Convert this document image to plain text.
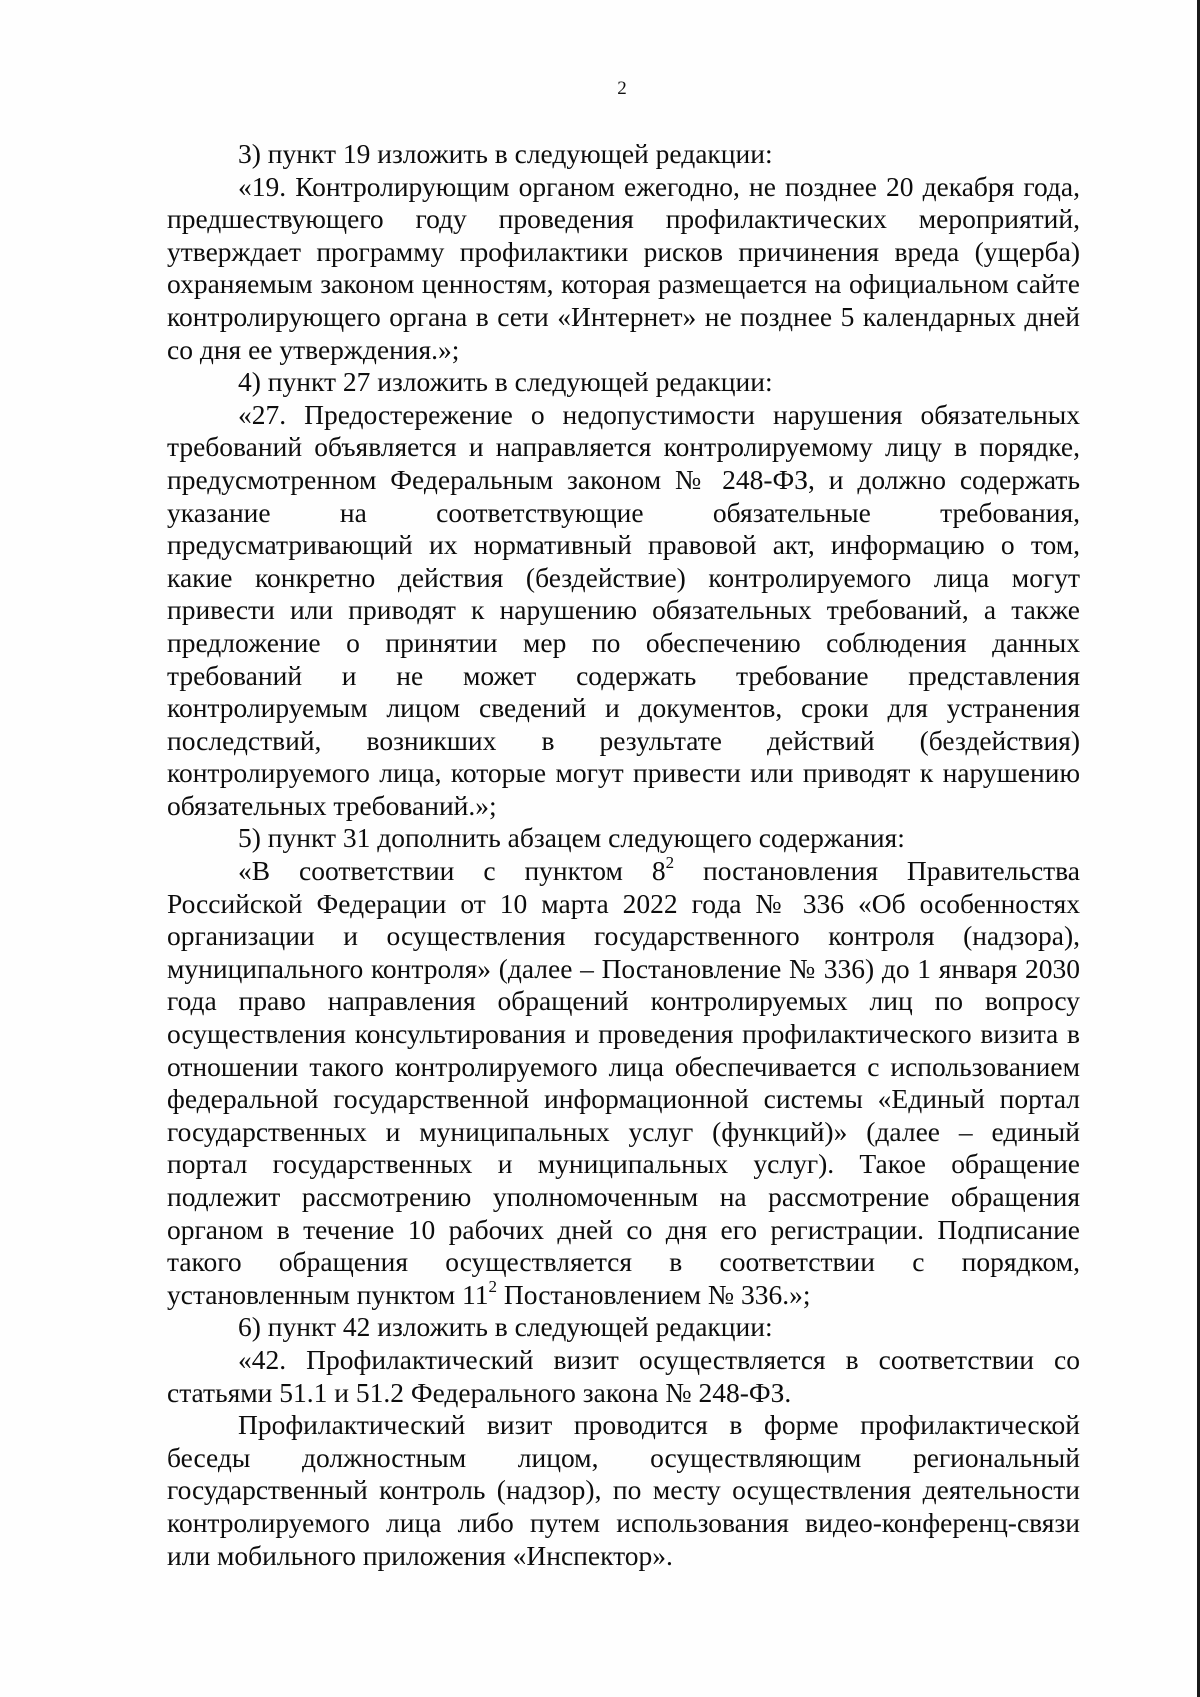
2

3) пункт 19 изложить в следующей редакции:

«19. Контролирующим органом ежегодно, не позднее 20 декабря года, предшествующего году проведения профилактических мероприятий, утверждает программу профилактики рисков причинения вреда (ущерба) охраняемым законом ценностям, которая размещается на официальном сайте контролирующего органа в сети «Интернет» не позднее 5 календарных дней со дня ее утверждения.»;

4) пункт 27 изложить в следующей редакции:

«27. Предостережение о недопустимости нарушения обязательных требований объявляется и направляется контролируемому лицу в порядке, предусмотренном Федеральным законом № 248-ФЗ, и должно содержать указание на соответствующие обязательные требования, предусматривающий их нормативный правовой акт, информацию о том, какие конкретно действия (бездействие) контролируемого лица могут привести или приводят к нарушению обязательных требований, а также предложение о принятии мер по обеспечению соблюдения данных требований и не может содержать требование представления контролируемым лицом сведений и документов, сроки для устранения последствий, возникших в результате действий (бездействия) контролируемого лица, которые могут привести или приводят к нарушению обязательных требований.»;

5) пункт 31 дополнить абзацем следующего содержания:

«В соответствии с пунктом $8^2$ постановления Правительства Российской Федерации от 10 марта 2022 года № 336 «Об особенностях организации и осуществления государственного контроля (надзора), муниципального контроля» (далее – Постановление № 336) до 1 января 2030 года право направления обращений контролируемых лиц по вопросу осуществления консультирования и проведения профилактического визита в отношении такого контролируемого лица обеспечивается с использованием федеральной государственной информационной системы «Единый портал государственных и муниципальных услуг (функций)» (далее – единый портал государственных и муниципальных услуг). Такое обращение подлежит рассмотрению уполномоченным на рассмотрение обращения органом в течение 10 рабочих дней со дня его регистрации. Подписание такого обращения осуществляется в соответствии с порядком, установленным пунктом $11^2$ Постановлением № 336.»;

6) пункт 42 изложить в следующей редакции:

«42. Профилактический визит осуществляется в соответствии со статьями 51.1 и 51.2 Федерального закона № 248-ФЗ.

Профилактический визит проводится в форме профилактической беседы должностным лицом, осуществляющим региональный государственный контроль (надзор), по месту осуществления деятельности контролируемого лица либо путем использования видео-конференц-связи или мобильного приложения «Инспектор».
